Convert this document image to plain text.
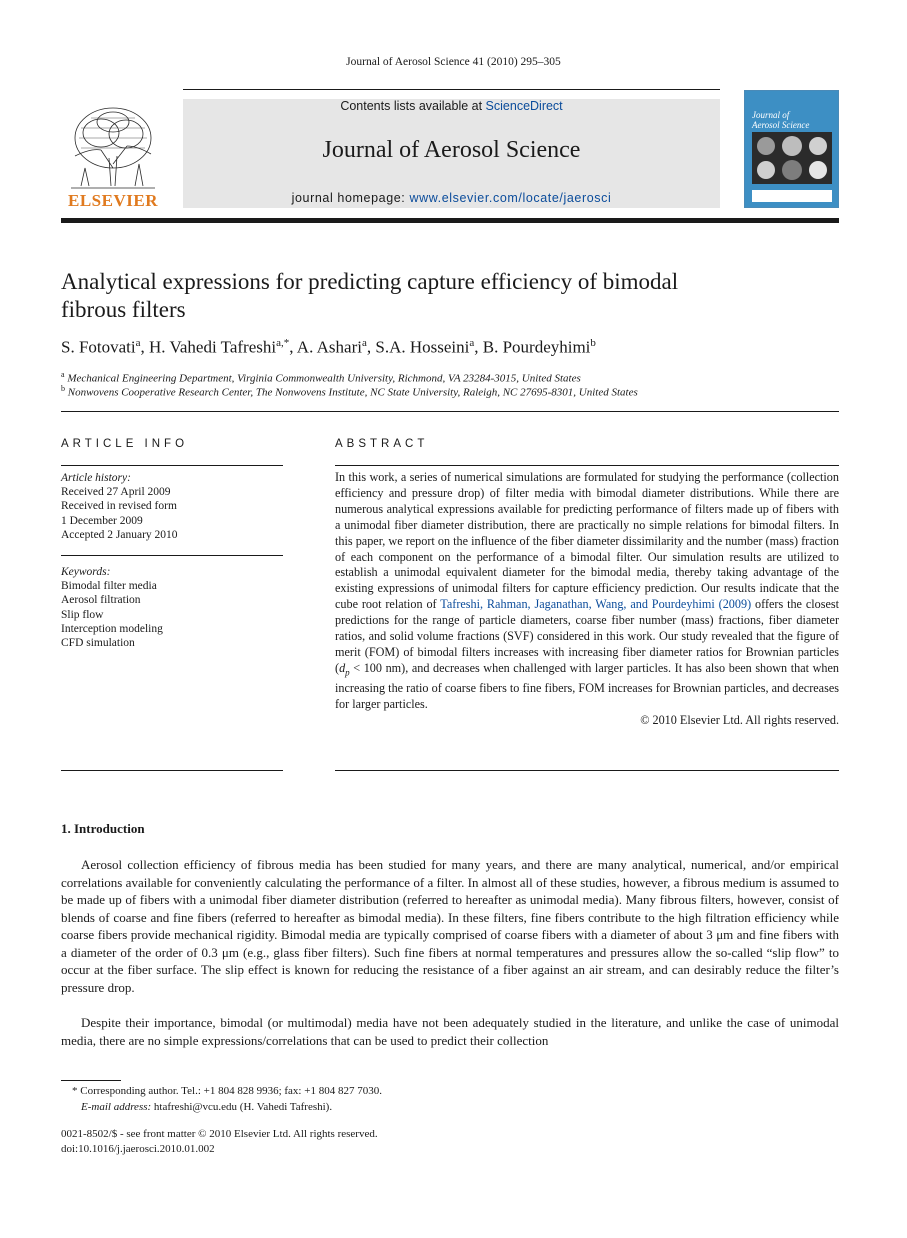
Journal of Aerosol Science 41 (2010) 295–305
ELSEVIER
Contents lists available at ScienceDirect
Journal of Aerosol Science
journal homepage: www.elsevier.com/locate/jaerosci
Journal of
Aerosol Science
Analytical expressions for predicting capture efficiency of bimodal
fibrous filters
S. Fotovati$^a$, H. Vahedi Tafreshi$^{a,*}$, A. Ashari$^a$, S.A. Hosseini$^a$, B. Pourdeyhimi$^b$
$^a$ Mechanical Engineering Department, Virginia Commonwealth University, Richmond, VA 23284-3015, United States
$^b$ Nonwovens Cooperative Research Center, The Nonwovens Institute, NC State University, Raleigh, NC 27695-8301, United States
ARTICLE INFO
Article history:
Received 27 April 2009
Received in revised form
1 December 2009
Accepted 2 January 2010
Keywords:
Bimodal filter media
Aerosol filtration
Slip flow
Interception modeling
CFD simulation
ABSTRACT
In this work, a series of numerical simulations are formulated for studying the performance (collection efficiency and pressure drop) of filter media with bimodal diameter distributions. While there are numerous analytical expressions available for predicting performance of filters made up of fibers with a unimodal fiber diameter distribution, there are practically no simple relations for bimodal filters. In this paper, we report on the influence of the fiber diameter dissimilarity and the number (mass) fraction of each component on the performance of a bimodal filter. Our simulation results are utilized to establish a unimodal equivalent diameter for the bimodal media, thereby taking advantage of the existing expressions of unimodal filters for capture efficiency prediction. Our results indicate that the cube root relation of Tafreshi, Rahman, Jaganathan, Wang, and Pourdeyhimi (2009) offers the closest predictions for the range of particle diameters, coarse fiber number (mass) fractions, fiber diameter ratios, and solid volume fractions (SVF) considered in this work. Our study revealed that the figure of merit (FOM) of bimodal filters increases with increasing fiber diameter ratios for Brownian particles ($d_p < 100$ nm), and decreases when challenged with larger particles. It has also been shown that when increasing the ratio of coarse fibers to fine fibers, FOM increases for Brownian particles, and decreases for larger particles.
© 2010 Elsevier Ltd. All rights reserved.
1. Introduction
Aerosol collection efficiency of fibrous media has been studied for many years, and there are many analytical, numerical, and/or empirical correlations available for conveniently calculating the performance of a filter. In almost all of these studies, however, a fibrous medium is assumed to be made up of fibers with a unimodal fiber diameter distribution (referred to hereafter as unimodal media). Many fibrous filters, however, consist of blends of coarse and fine fibers (referred to hereafter as bimodal media). In these filters, fine fibers contribute to the high filtration efficiency while coarse fibers provide mechanical rigidity. Bimodal media are typically comprised of coarse fibers with a diameter of about 3 μm and fine fibers with a diameter of the order of 0.3 μm (e.g., glass fiber filters). Such fine fibers at normal temperatures and pressures allow the so-called “slip flow” to occur at the fiber surface. The slip effect is known for reducing the resistance of a fiber against an air stream, and can desirably reduce the filter’s pressure drop.
Despite their importance, bimodal (or multimodal) media have not been adequately studied in the literature, and unlike the case of unimodal media, there are no simple expressions/correlations that can be used to predict their collection
* Corresponding author. Tel.: +1 804 828 9936; fax: +1 804 827 7030.
E-mail address: htafreshi@vcu.edu (H. Vahedi Tafreshi).
0021-8502/$ - see front matter © 2010 Elsevier Ltd. All rights reserved.
doi:10.1016/j.jaerosci.2010.01.002
